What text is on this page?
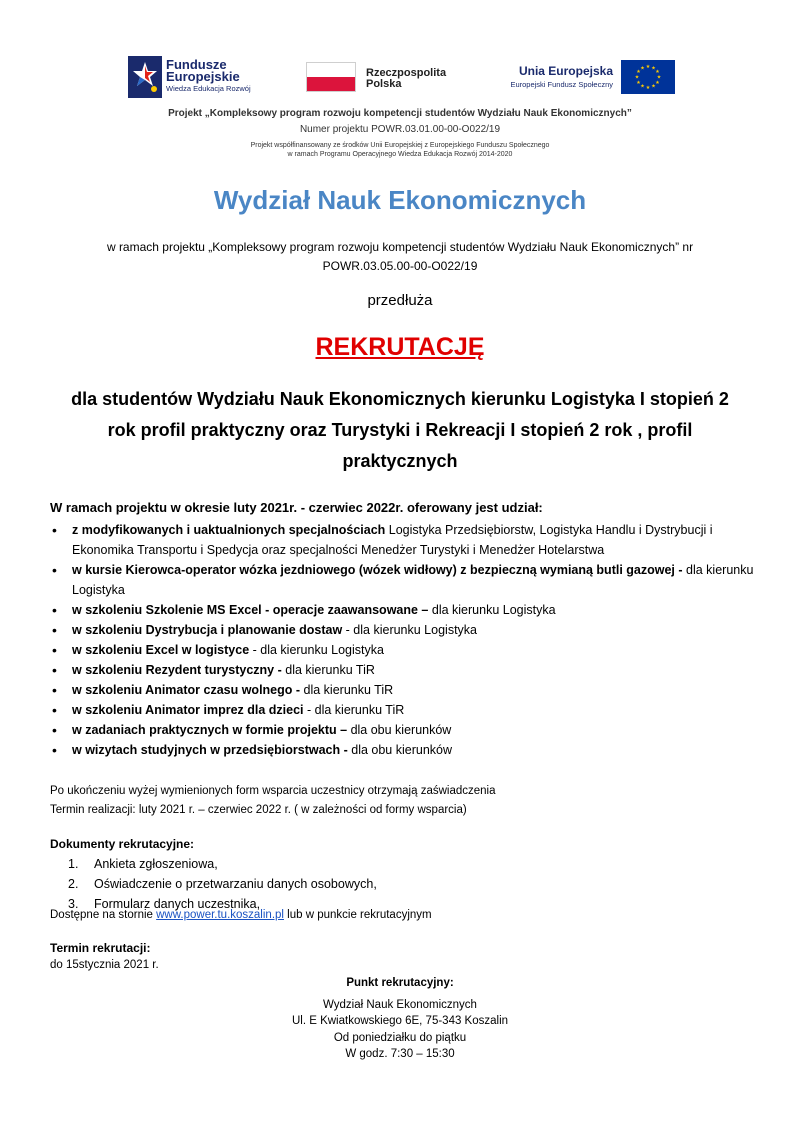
Fundusze
Europejskie
Wiedza Edukacja Rozwój
Rzeczpospolita
Polska
Unia Europejska
Europejski Fundusz Społeczny
★ ★
★
★
★
★
★
★
★
★
★
★
Projekt „Kompleksowy program rozwoju kompetencji studentów Wydziału Nauk Ekonomicznych”
Numer projektu POWR.03.01.00-00-O022/19
Projekt współfinansowany ze środków Unii Europejskiej z Europejskiego Funduszu Społecznego
w ramach Programu Operacyjnego Wiedza Edukacja Rozwój 2014-2020
Wydział Nauk Ekonomicznych
w ramach projektu „Kompleksowy program rozwoju kompetencji studentów Wydziału Nauk Ekonomicznych” nr POWR.03.05.00-00-O022/19
przedłuża
REKRUTACJĘ
dla studentów Wydziału Nauk Ekonomicznych kierunku Logistyka I stopień 2 rok profil praktyczny oraz Turystyki i Rekreacji I stopień 2 rok , profil praktycznych
W ramach projektu w okresie luty 2021r. - czerwiec 2022r. oferowany jest udział:
• z modyfikowanych i uaktualnionych specjalnościach Logistyka Przedsiębiorstw, Logistyka Handlu i Dystrybucji i Ekonomika Transportu i Spedycja oraz specjalności Menedżer Turystyki i Menedżer Hotelarstwa
• w kursie Kierowca-operator wózka jezdniowego (wózek widłowy) z bezpieczną wymianą butli gazowej - dla kierunku Logistyka
• w szkoleniu Szkolenie MS Excel - operacje zaawansowane – dla kierunku Logistyka
• w szkoleniu Dystrybucja i planowanie dostaw - dla kierunku Logistyka
• w szkoleniu Excel w logistyce - dla kierunku Logistyka
• w szkoleniu Rezydent turystyczny - dla kierunku TiR
• w szkoleniu Animator czasu wolnego - dla kierunku TiR
• w szkoleniu Animator imprez dla dzieci - dla kierunku TiR
• w zadaniach praktycznych w formie projektu – dla obu kierunków
• w wizytach studyjnych w przedsiębiorstwach - dla obu kierunków
Po ukończeniu wyżej wymienionych form wsparcia uczestnicy otrzymają zaświadczenia
Termin realizacji: luty 2021 r. – czerwiec 2022 r. ( w zależności od formy wsparcia)
Dokumenty rekrutacyjne:
1. Ankieta zgłoszeniowa,
2. Oświadczenie o przetwarzaniu danych osobowych,
3. Formularz danych uczestnika,
Dostępne na stornie www.power.tu.koszalin.pl lub w punkcie rekrutacyjnym
Termin rekrutacji:
do 15stycznia 2021 r.
Punkt rekrutacyjny:
Wydział Nauk Ekonomicznych
Ul. E Kwiatkowskiego 6E, 75-343 Koszalin
Od poniedziałku do piątku
W godz. 7:30 – 15:30
